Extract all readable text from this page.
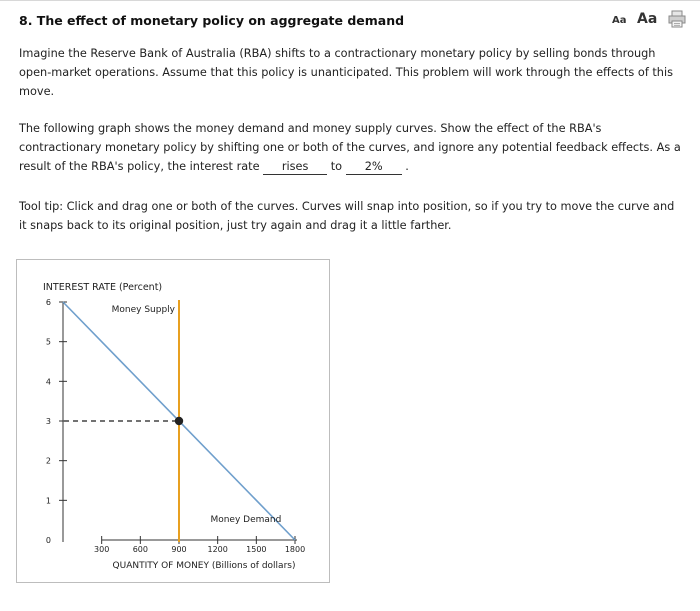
8. The effect of monetary policy on aggregate demand	Aa Aa
Imagine the Reserve Bank of Australia (RBA) shifts to a contractionary monetary policy by selling bonds through open-market operations. Assume that this policy is unanticipated. This problem will work through the effects of this move.
The following graph shows the money demand and money supply curves. Show the effect of the RBA's contractionary monetary policy by shifting one or both of the curves, and ignore any potential feedback effects. As a result of the RBA's policy, the interest rate rises to 2% .
Tool tip: Click and drag one or both of the curves. Curves will snap into position, so if you try to move the curve and it snaps back to its original position, just try again and drag it a little farther.
INTEREST RATE (Percent)
QUANTITY OF MONEY (Billions of dollars)
0
1
2
3
4
5
6
300	600	900	1200 1500 1800
Money Supply
Money Demand
